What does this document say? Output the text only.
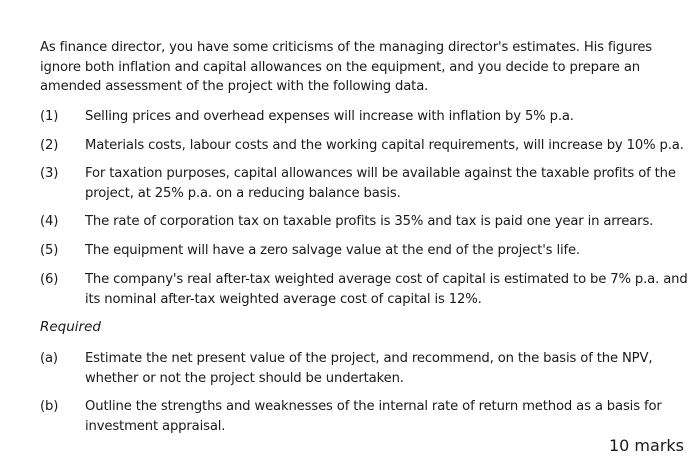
As finance director, you have some criticisms of the managing director's estimates. His figures ignore both inflation and capital allowances on the equipment, and you decide to prepare an amended assessment of the project with the following data.
(1)	Selling prices and overhead expenses will increase with inflation by 5% p.a.
(2)	Materials costs, labour costs and the working capital requirements, will increase by 10% p.a.
(3)	For taxation purposes, capital allowances will be available against the taxable profits of the project, at 25% p.a. on a reducing balance basis.
(4)	The rate of corporation tax on taxable profits is 35% and tax is paid one year in arrears.
(5)	The equipment will have a zero salvage value at the end of the project's life.
(6)	The company's real after-tax weighted average cost of capital is estimated to be 7% p.a. and its nominal after-tax weighted average cost of capital is 12%.
Required
(a)	Estimate the net present value of the project, and recommend, on the basis of the NPV, whether or not the project should be undertaken.
(b)	Outline the strengths and weaknesses of the internal rate of return method as a basis for investment appraisal.
10 marks
